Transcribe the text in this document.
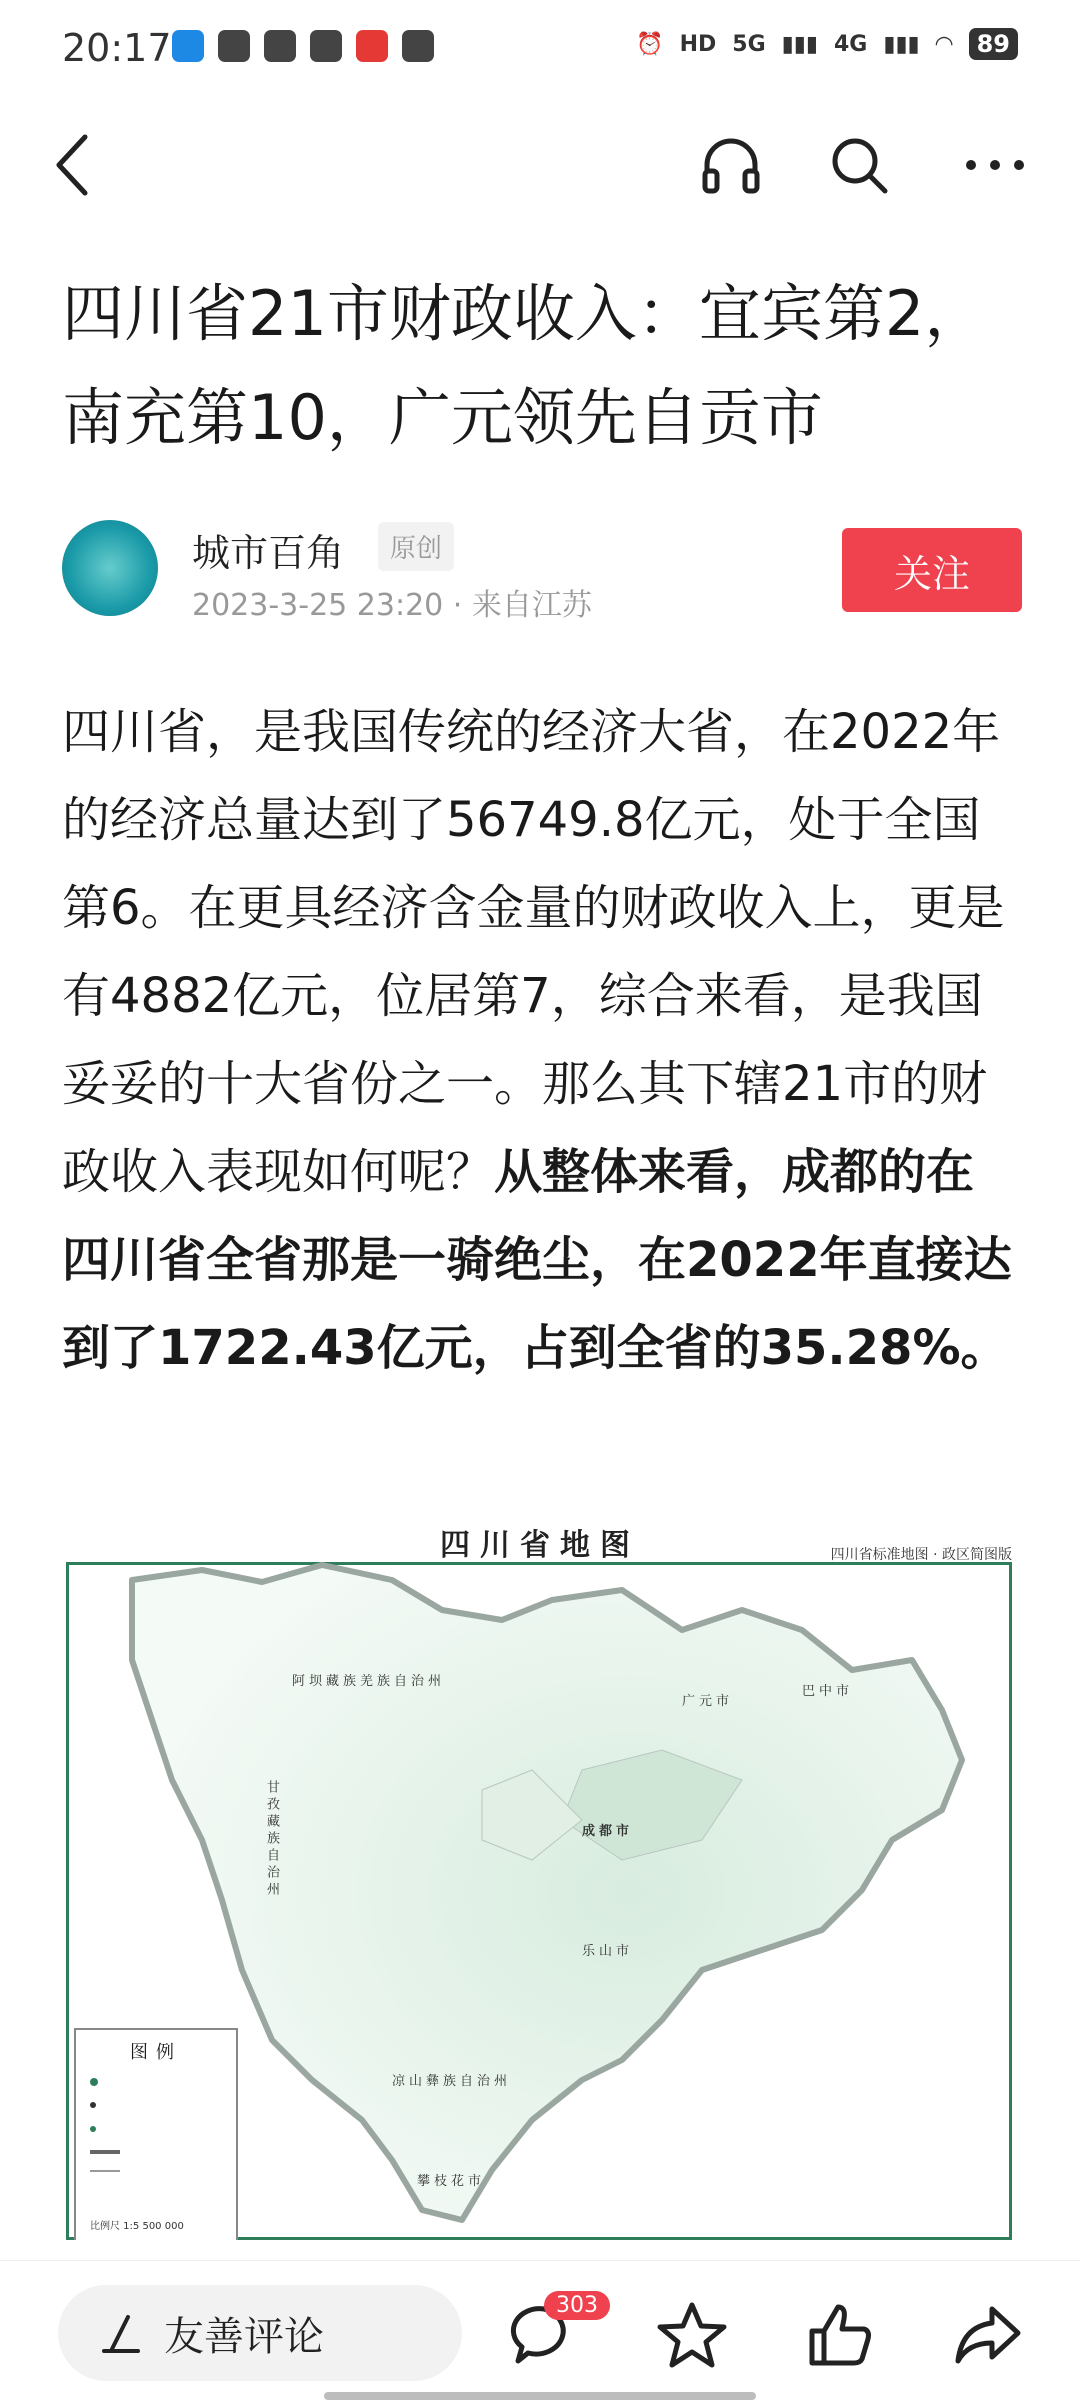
20:17	⏰ HD 5G ▮▮▮ 4G ▮▮▮ ◠	89
四川省21市财政收入：宜宾第2，南充第10，广元领先自贡市
城市百角	原创
2023-3-25 23:20 · 来自江苏
关注
四川省，是我国传统的经济大省，在2022年的经济总量达到了56749.8亿元，处于全国第6。在更具经济含金量的财政收入上，更是有4882亿元，位居第7，综合来看，是我国妥妥的十大省份之一。那么其下辖21市的财政收入表现如何呢？从整体来看，成都的在四川省全省那是一骑绝尘，在2022年直接达到了1722.43亿元，占到全省的35.28%。
四川省地图	四川省标准地图 · 政区简图版
阿坝藏族羌族自治州
甘孜藏族自治州
凉山彝族自治州
成都市
广元市
巴中市
乐山市
攀枝花市
图例
比例尺 1:5 500 000
友善评论
303
